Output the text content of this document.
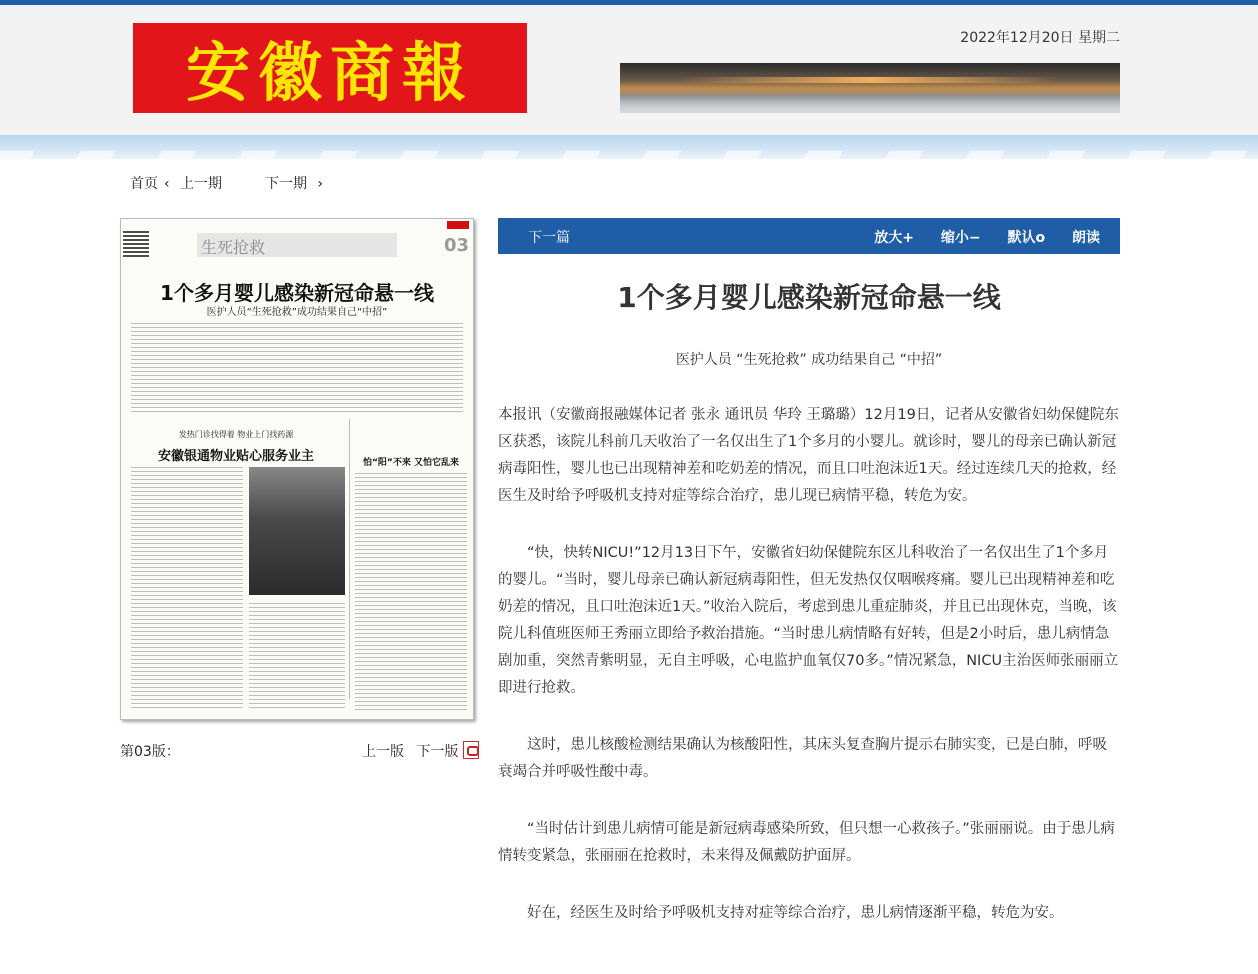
安徽商報	2022年12月20日 星期二
首页 ‹ 上一期	下一期 ›
生死抢救	03
1个多月婴儿感染新冠命悬一线
医护人员“生死抢救”成功结果自己“中招”
发热门诊找得着 物业上门找药源
安徽银通物业贴心服务业主	怕“阳”不来 又怕它乱来
第03版：	上一版 下一版
下一篇	放大+ 缩小− 默认o 朗读
1个多月婴儿感染新冠命悬一线
医护人员 “生死抢救” 成功结果自己 “中招”

本报讯（安徽商报融媒体记者 张永 通讯员 华玲 王璐璐）12月19日，记者从安徽省妇幼保健院东区获悉，该院儿科前几天收治了一名仅出生了1个多月的小婴儿。就诊时，婴儿的母亲已确认新冠病毒阳性，婴儿也已出现精神差和吃奶差的情况，而且口吐泡沫近1天。经过连续几天的抢救，经医生及时给予呼吸机支持对症等综合治疗，患儿现已病情平稳，转危为安。

“快，快转NICU!”12月13日下午，安徽省妇幼保健院东区儿科收治了一名仅出生了1个多月的婴儿。“当时，婴儿母亲已确认新冠病毒阳性，但无发热仅仅咽喉疼痛。婴儿已出现精神差和吃奶差的情况，且口吐泡沫近1天。”收治入院后，考虑到患儿重症肺炎，并且已出现休克，当晚，该院儿科值班医师王秀丽立即给予救治措施。“当时患儿病情略有好转，但是2小时后，患儿病情急剧加重，突然青紫明显，无自主呼吸，心电监护血氧仅70多。”情况紧急，NICU主治医师张丽丽立即进行抢救。

这时，患儿核酸检测结果确认为核酸阳性，其床头复查胸片提示右肺实变，已是白肺，呼吸衰竭合并呼吸性酸中毒。

“当时估计到患儿病情可能是新冠病毒感染所致，但只想一心救孩子。”张丽丽说。由于患儿病情转变紧急，张丽丽在抢救时，未来得及佩戴防护面屏。

好在，经医生及时给予呼吸机支持对症等综合治疗，患儿病情逐渐平稳，转危为安。
